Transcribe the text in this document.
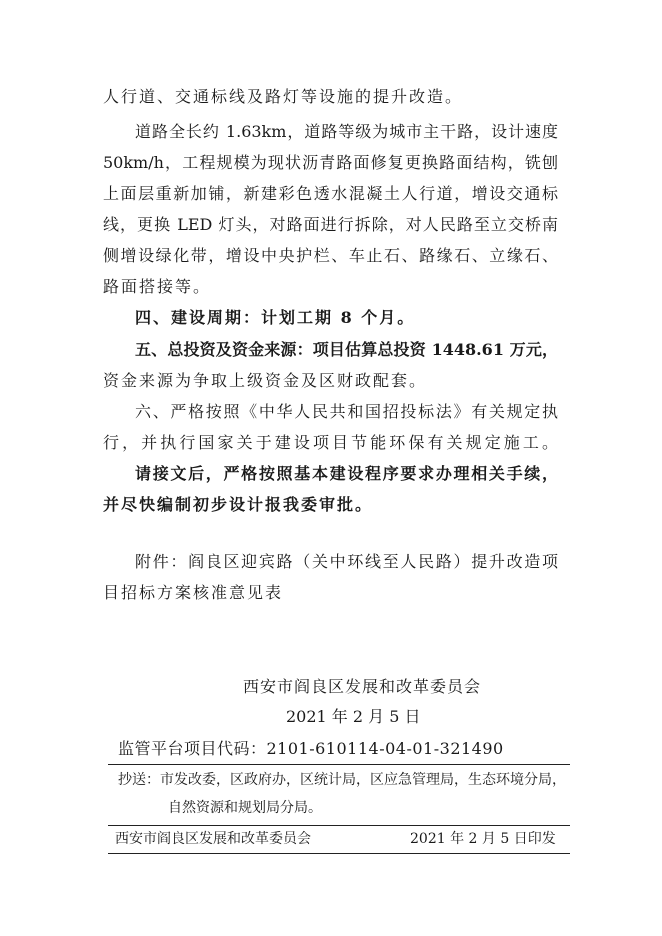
人行道、交通标线及路灯等设施的提升改造。
道路全长约 1.63km，道路等级为城市主干路，设计速度
50km/h，工程规模为现状沥青路面修复更换路面结构，铣刨
上面层重新加铺，新建彩色透水混凝土人行道，增设交通标
线，更换 LED 灯头，对路面进行拆除，对人民路至立交桥南
侧增设绿化带，增设中央护栏、车止石、路缘石、立缘石、
路面搭接等。
四、建设周期：计划工期 8 个月。
五、总投资及资金来源：项目估算总投资 1448.61 万元，
资金来源为争取上级资金及区财政配套。
六、严格按照《中华人民共和国招投标法》有关规定执
行，并执行国家关于建设项目节能环保有关规定施工。
请接文后，严格按照基本建设程序要求办理相关手续，
并尽快编制初步设计报我委审批。
附件：阎良区迎宾路（关中环线至人民路）提升改造项
目招标方案核准意见表
西安市阎良区发展和改革委员会
2021 年 2 月 5 日
监管平台项目代码：2101-610114-04-01-321490
抄送：市发改委，区政府办，区统计局，区应急管理局，生态环境分局，
自然资源和规划局分局。
西安市阎良区发展和改革委员会	2021 年 2 月 5 日印发
